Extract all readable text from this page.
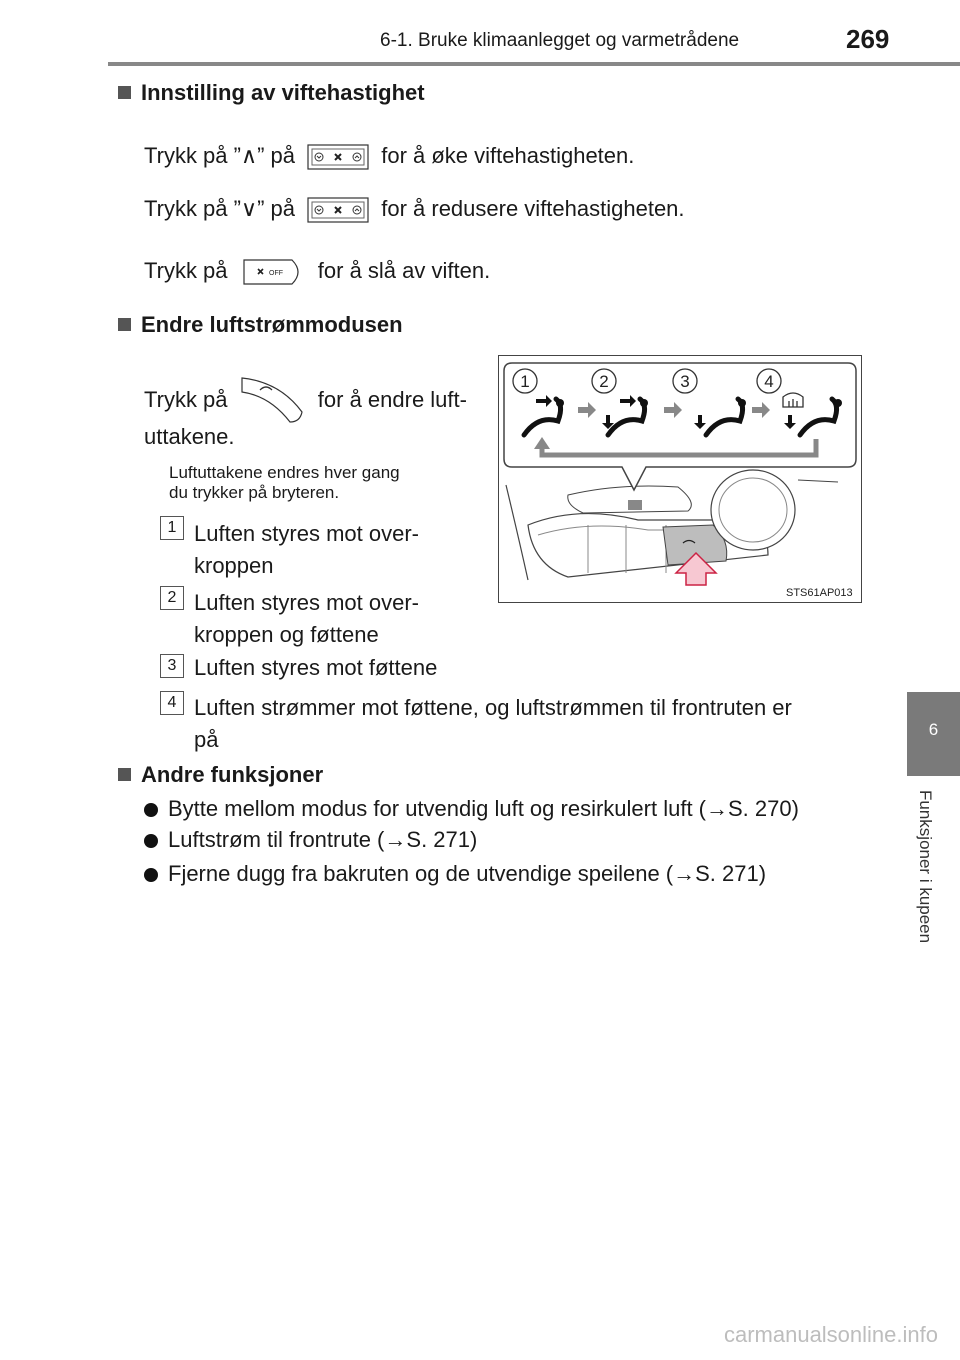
6-1. Bruke klimaanlegget og varmetrådene	269
6
Funksjoner i kupeen
Innstilling av viftehastighet
Trykk på ”∧” på	for å øke viftehastigheten.
Trykk på ”∨” på	for å redusere viftehastigheten.
Trykk på	OFF for å slå av viften.
Endre luftstrømmodusen
Trykk på	for å endre luft-
uttakene.
Luftuttakene endres hver gang
du trykker på bryteren.
1 Luften styres mot over-
kroppen
2 Luften styres mot over-
kroppen og føttene
3 Luften styres mot føttene
4 Luften strømmer mot føttene, og luftstrømmen til frontruten er
på
1	2	3	4
STS61AP013
Andre funksjoner
Bytte mellom modus for utvendig luft og resirkulert luft (→S. 270)
Luftstrøm til frontrute (→S. 271)
Fjerne dugg fra bakruten og de utvendige speilene (→S. 271)
carmanualsonline.info
